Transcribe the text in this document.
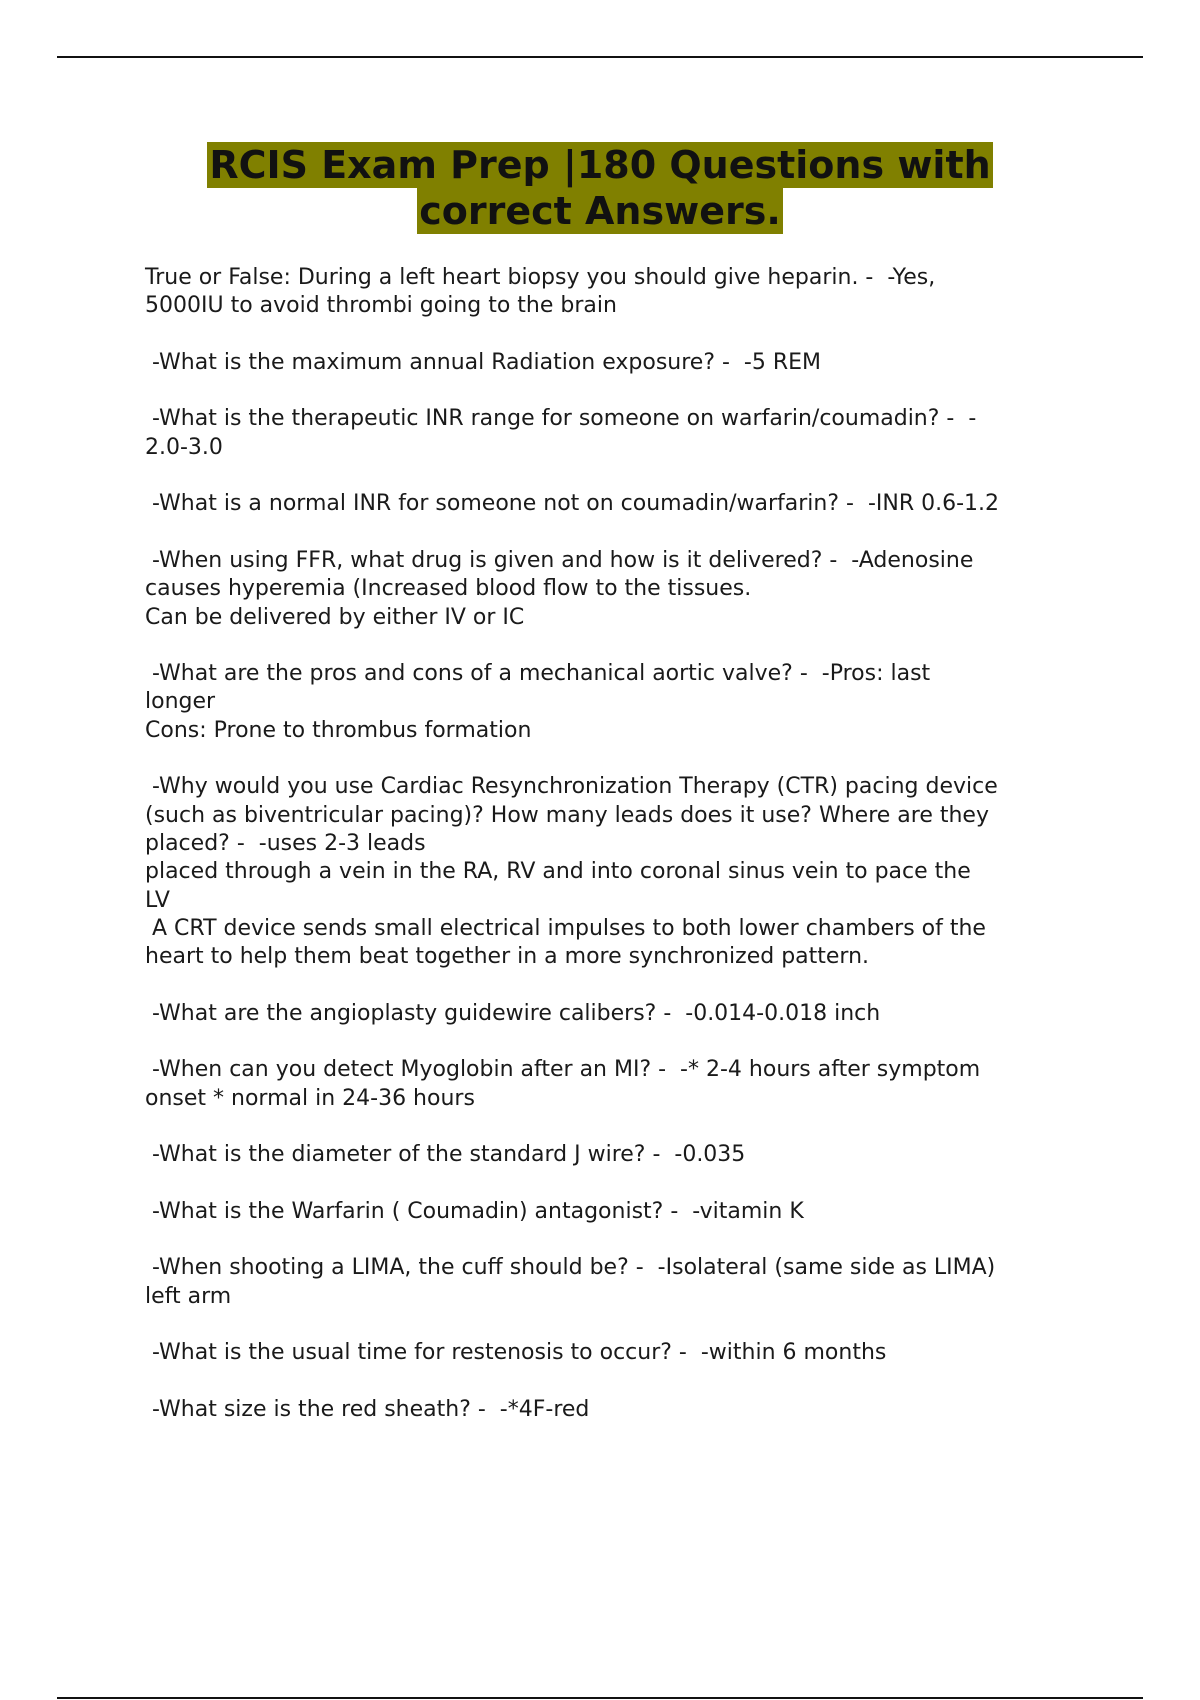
RCIS Exam Prep |180 Questions with
correct Answers.
True or False: During a left heart biopsy you should give heparin. -  -Yes,
5000IU to avoid thrombi going to the brain
-What is the maximum annual Radiation exposure? -  -5 REM
-What is the therapeutic INR range for someone on warfarin/coumadin? -  -
2.0-3.0
-What is a normal INR for someone not on coumadin/warfarin? -  -INR 0.6-1.2
-When using FFR, what drug is given and how is it delivered? -  -Adenosine
causes hyperemia (Increased blood flow to the tissues.
Can be delivered by either IV or IC
-What are the pros and cons of a mechanical aortic valve? -  -Pros: last
longer
Cons: Prone to thrombus formation
-Why would you use Cardiac Resynchronization Therapy (CTR) pacing device
(such as biventricular pacing)? How many leads does it use? Where are they
placed? -  -uses 2-3 leads
placed through a vein in the RA, RV and into coronal sinus vein to pace the
LV
A CRT device sends small electrical impulses to both lower chambers of the
heart to help them beat together in a more synchronized pattern.
-What are the angioplasty guidewire calibers? -  -0.014-0.018 inch
-When can you detect Myoglobin after an MI? -  -* 2-4 hours after symptom
onset * normal in 24-36 hours
-What is the diameter of the standard J wire? -  -0.035
-What is the Warfarin ( Coumadin) antagonist? -  -vitamin K
-When shooting a LIMA, the cuff should be? -  -Isolateral (same side as LIMA)
left arm
-What is the usual time for restenosis to occur? -  -within 6 months
-What size is the red sheath? -  -*4F-red
